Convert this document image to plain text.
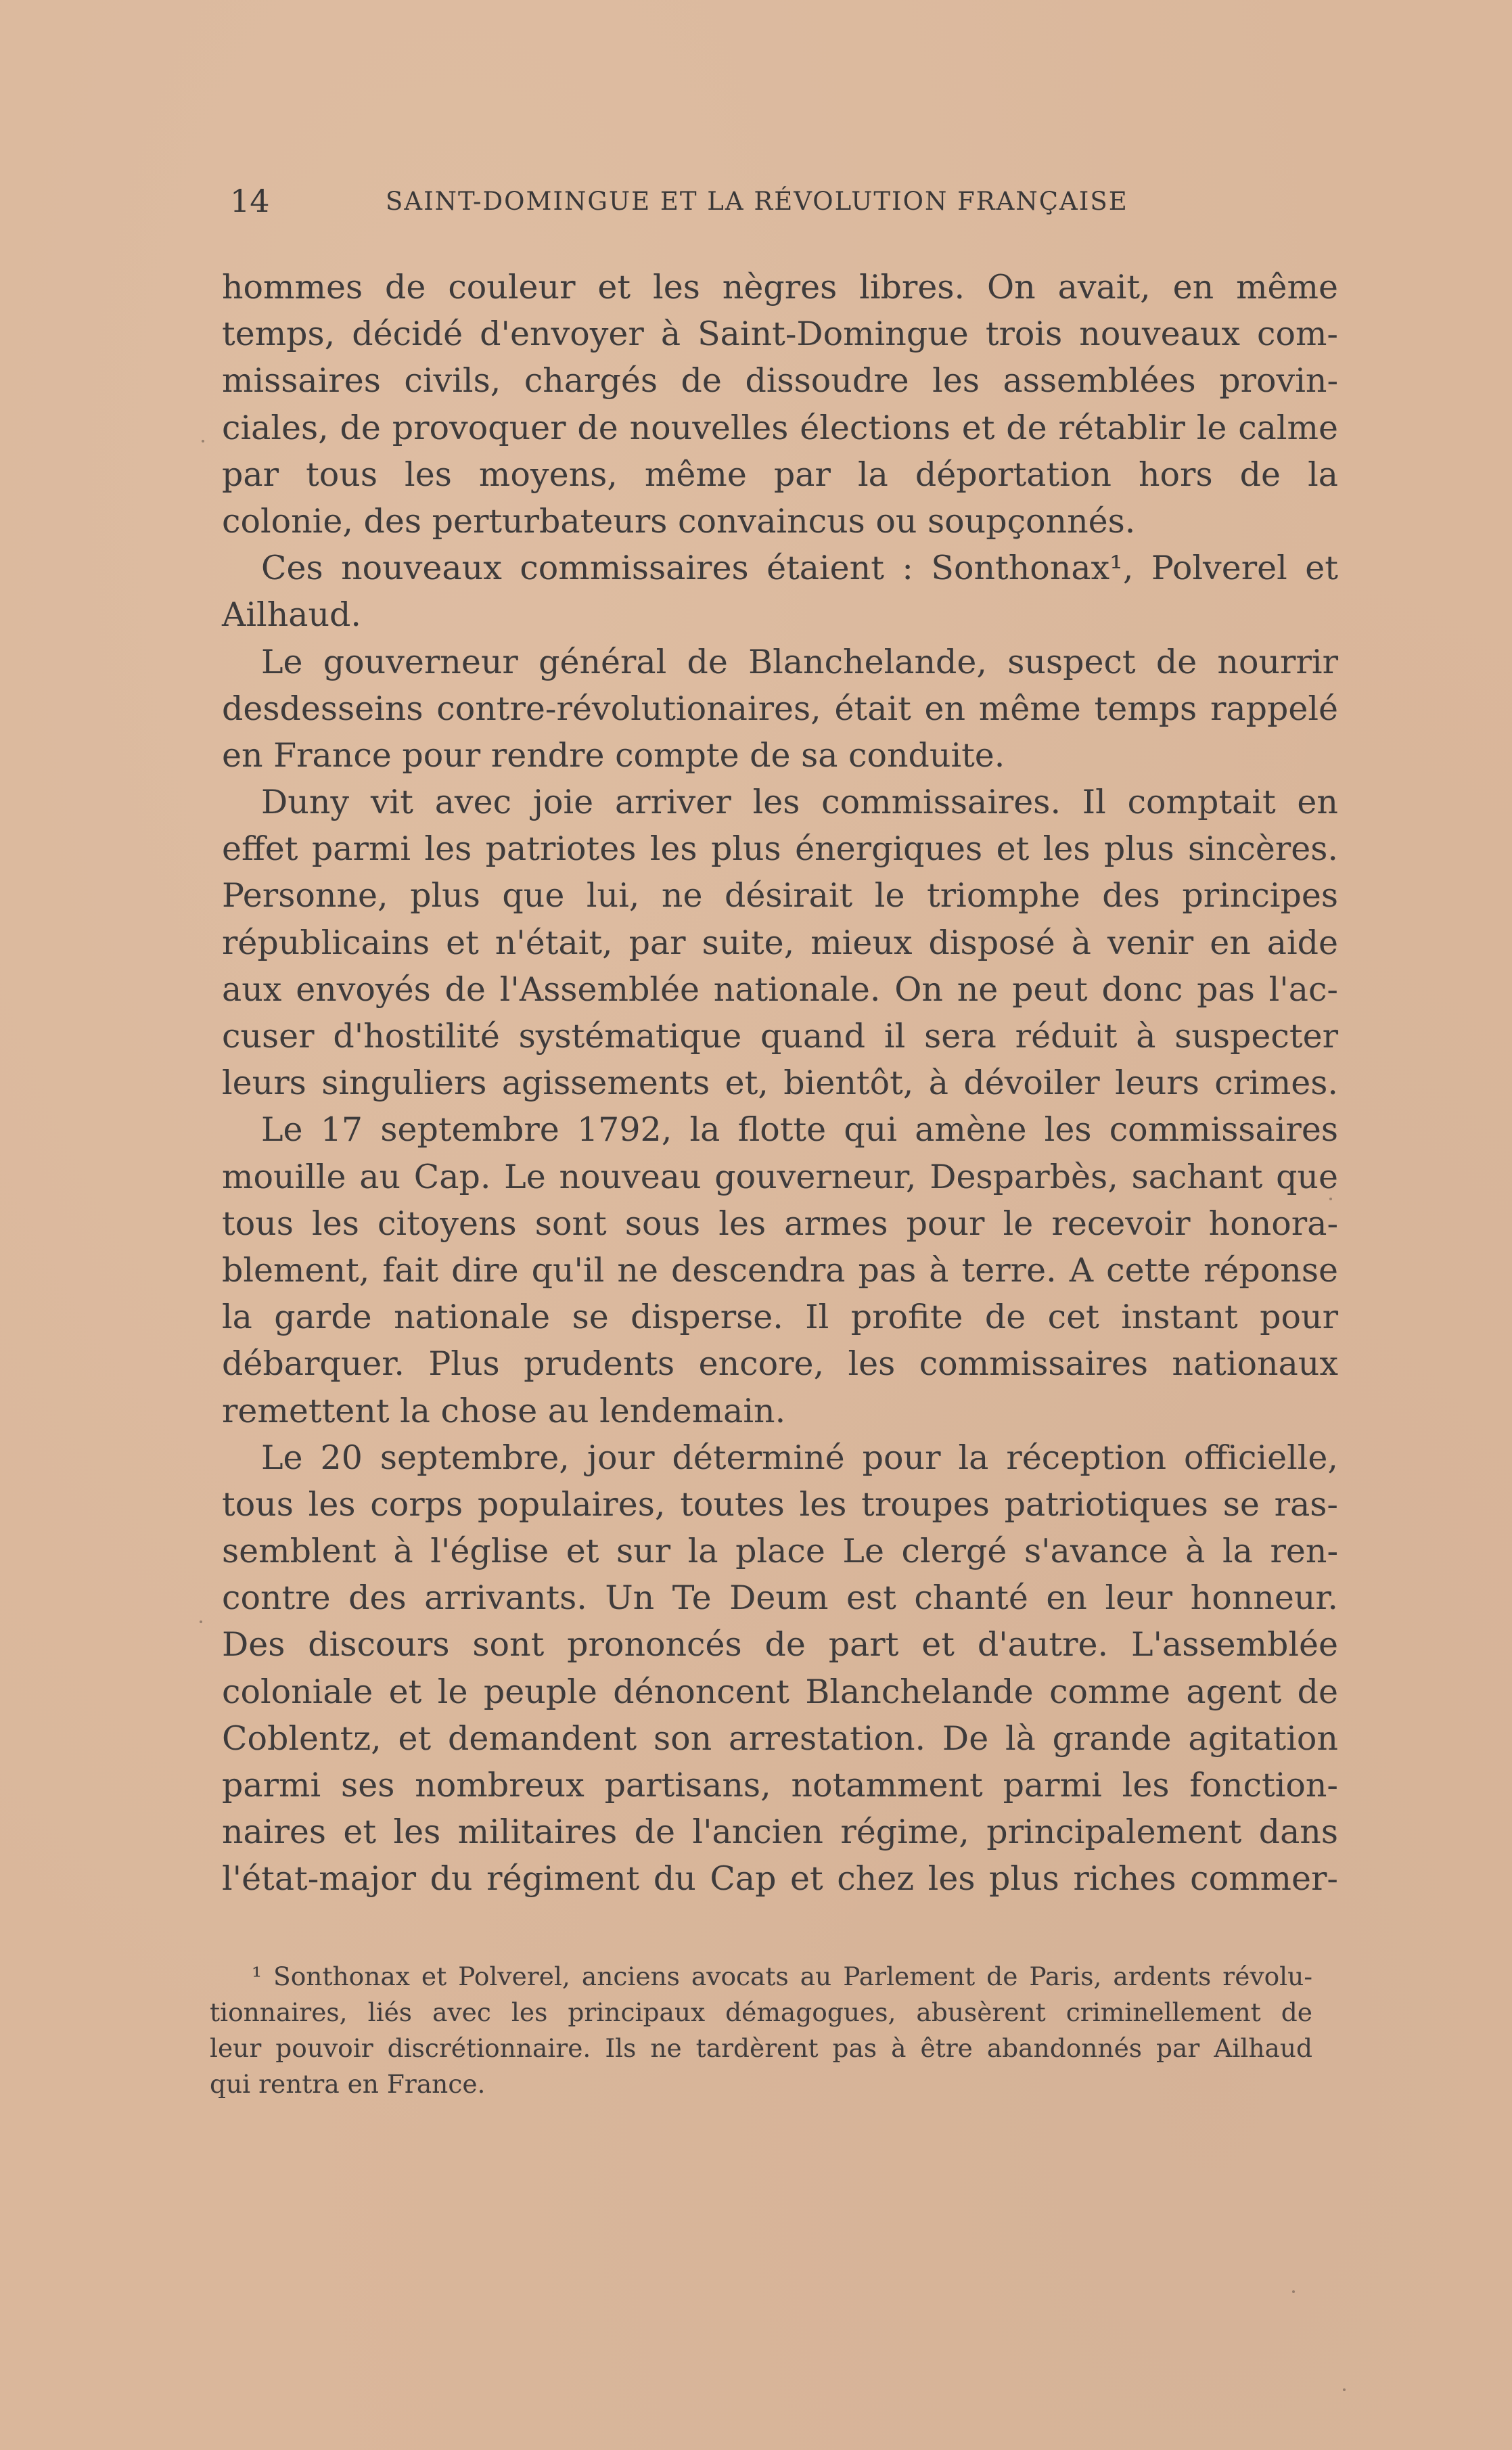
14	SAINT-DOMINGUE ET LA RÉVOLUTION FRANÇAISE
hommes de couleur et les nègres libres. On avait, en même
temps, décidé d'envoyer à Saint-Domingue trois nouveaux com-
missaires civils, chargés de dissoudre les assemblées provin-
ciales, de provoquer de nouvelles élections et de rétablir le calme
par tous les moyens, même par la déportation hors de la
colonie, des perturbateurs convaincus ou soupçonnés.
Ces nouveaux commissaires étaient : Sonthonax¹, Polverel et
Ailhaud.
Le gouverneur général de Blanchelande, suspect de nourrir
desdesseins contre-révolutionaires, était en même temps rappelé
en France pour rendre compte de sa conduite.
Duny vit avec joie arriver les commissaires. Il comptait en
effet parmi les patriotes les plus énergiques et les plus sincères.
Personne, plus que lui, ne désirait le triomphe des principes
républicains et n'était, par suite, mieux disposé à venir en aide
aux envoyés de l'Assemblée nationale. On ne peut donc pas l'ac-
cuser d'hostilité systématique quand il sera réduit à suspecter
leurs singuliers agissements et, bientôt, à dévoiler leurs crimes.
Le 17 septembre 1792, la flotte qui amène les commissaires
mouille au Cap. Le nouveau gouverneur, Desparbès, sachant que
tous les citoyens sont sous les armes pour le recevoir honora-
blement, fait dire qu'il ne descendra pas à terre. A cette réponse
la garde nationale se disperse. Il profite de cet instant pour
débarquer. Plus prudents encore, les commissaires nationaux
remettent la chose au lendemain.
Le 20 septembre, jour déterminé pour la réception officielle,
tous les corps populaires, toutes les troupes patriotiques se ras-
semblent à l'église et sur la place Le clergé s'avance à la ren-
contre des arrivants. Un Te Deum est chanté en leur honneur.
Des discours sont prononcés de part et d'autre. L'assemblée
coloniale et le peuple dénoncent Blanchelande comme agent de
Coblentz, et demandent son arrestation. De là grande agitation
parmi ses nombreux partisans, notamment parmi les fonction-
naires et les militaires de l'ancien régime, principalement dans
l'état-major du régiment du Cap et chez les plus riches commer-
¹ Sonthonax et Polverel, anciens avocats au Parlement de Paris, ardents révolu-
tionnaires, liés avec les principaux démagogues, abusèrent criminellement de
leur pouvoir discrétionnaire. Ils ne tardèrent pas à être abandonnés par Ailhaud
qui rentra en France.
